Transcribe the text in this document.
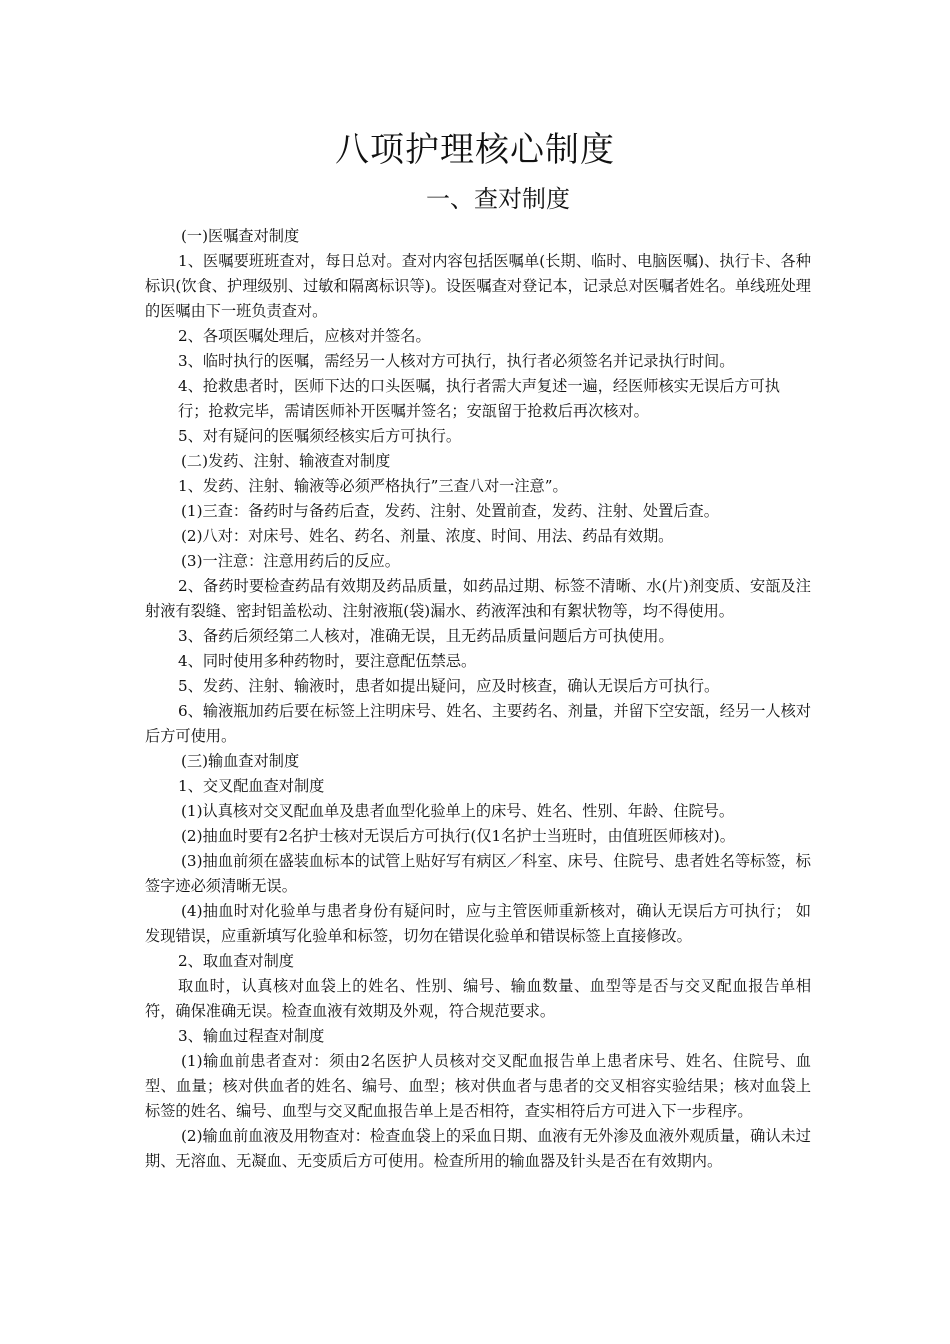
八项护理核心制度
一、查对制度

(一)医嘱查对制度

1、医嘱要班班查对，每日总对。查对内容包括医嘱单(长期、临时、电脑医嘱)、执行卡、各种标识(饮食、护理级别、过敏和隔离标识等)。设医嘱查对登记本，记录总对医嘱者姓名。单线班处理的医嘱由下一班负责查对。

2、各项医嘱处理后，应核对并签名。

3、临时执行的医嘱，需经另一人核对方可执行，执行者必须签名并记录执行时间。

4、抢救患者时，医师下达的口头医嘱，执行者需大声复述一遍，经医师核实无误后方可执

行；抢救完毕，需请医师补开医嘱并签名；安瓿留于抢救后再次核对。

5、对有疑问的医嘱须经核实后方可执行。

(二)发药、注射、输液查对制度

1、发药、注射、输液等必须严格执行”三查八对一注意”。

(1)三查：备药时与备药后查，发药、注射、处置前查，发药、注射、处置后查。

(2)八对：对床号、姓名、药名、剂量、浓度、时间、用法、药品有效期。

(3)一注意：注意用药后的反应。

2、备药时要检查药品有效期及药品质量，如药品过期、标签不清晰、水(片)剂变质、安瓿及注射液有裂缝、密封铝盖松动、注射液瓶(袋)漏水、药液浑浊和有絮状物等，均不得使用。

3、备药后须经第二人核对，准确无误，且无药品质量问题后方可执使用。

4、同时使用多种药物时，要注意配伍禁忌。

5、发药、注射、输液时，患者如提出疑问，应及时核查，确认无误后方可执行。

6、输液瓶加药后要在标签上注明床号、姓名、主要药名、剂量，并留下空安瓿，经另一人核对后方可使用。

(三)输血查对制度

1、交叉配血查对制度

(1)认真核对交叉配血单及患者血型化验单上的床号、姓名、性别、年龄、住院号。

(2)抽血时要有2名护士核对无误后方可执行(仅1名护士当班时，由值班医师核对)。

(3)抽血前须在盛装血标本的试管上贴好写有病区／科室、床号、住院号、患者姓名等标签，标签字迹必须清晰无误。

(4)抽血时对化验单与患者身份有疑问时，应与主管医师重新核对，确认无误后方可执行； 如发现错误，应重新填写化验单和标签，切勿在错误化验单和错误标签上直接修改。

2、取血查对制度

取血时，认真核对血袋上的姓名、性别、编号、输血数量、血型等是否与交叉配血报告单相符，确保准确无误。检查血液有效期及外观，符合规范要求。

3、输血过程查对制度

(1)输血前患者查对：须由2名医护人员核对交叉配血报告单上患者床号、姓名、住院号、血型、血量；核对供血者的姓名、编号、血型；核对供血者与患者的交叉相容实验结果；核对血袋上标签的姓名、编号、血型与交叉配血报告单上是否相符，查实相符后方可进入下一步程序。

(2)输血前血液及用物查对：检查血袋上的采血日期、血液有无外渗及血液外观质量，确认未过期、无溶血、无凝血、无变质后方可使用。检查所用的输血器及针头是否在有效期内。
